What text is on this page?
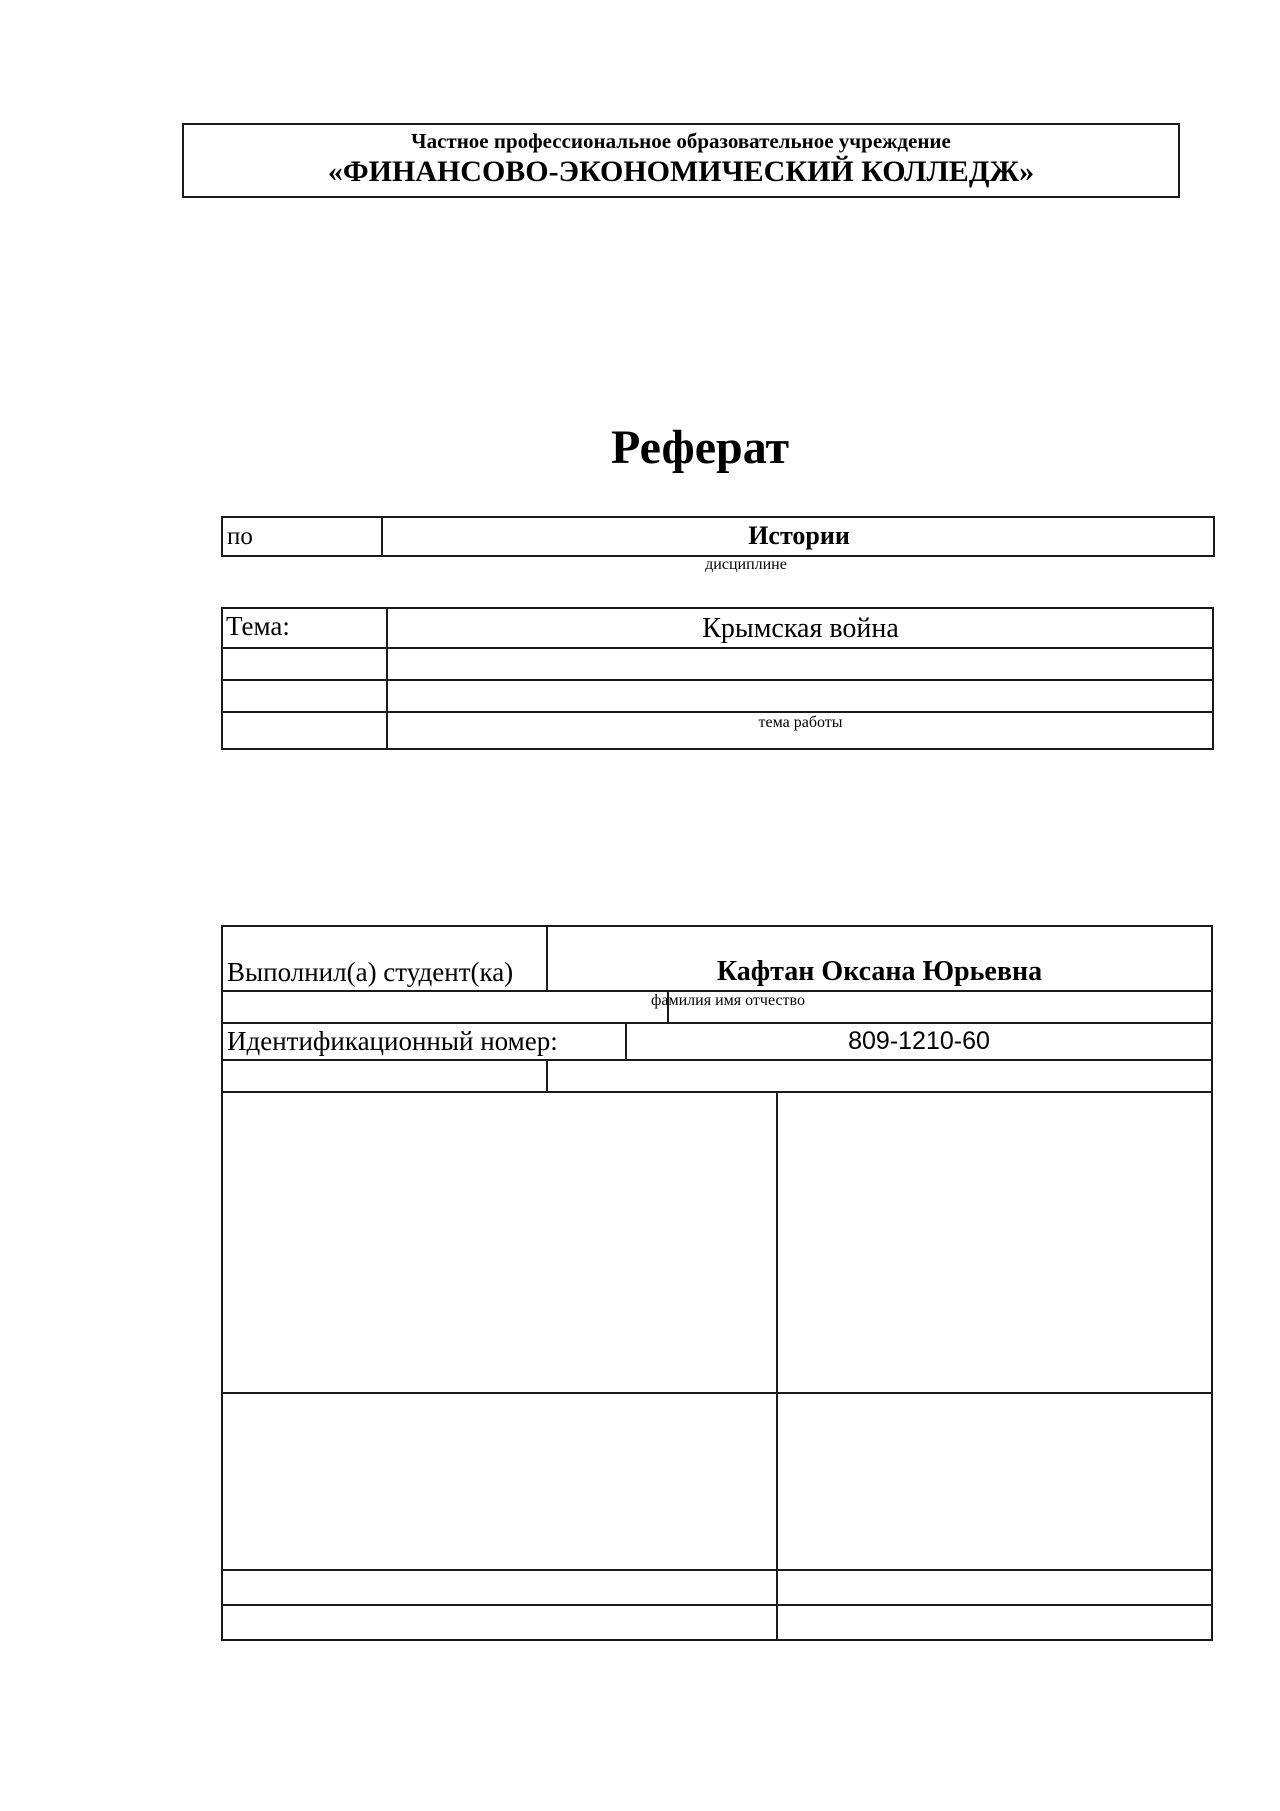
Частное профессиональное образовательное учреждение
«ФИНАНСОВО-ЭКОНОМИЧЕСКИЙ КОЛЛЕДЖ»
Реферат
по	Истории
дисциплине
Тема:	Крымская война
тема работы
Выполнил(а) студент(ка)	Кафтан Оксана Юрьевна
фамилия имя отчество
Идентификационный номер:	809-1210-60
